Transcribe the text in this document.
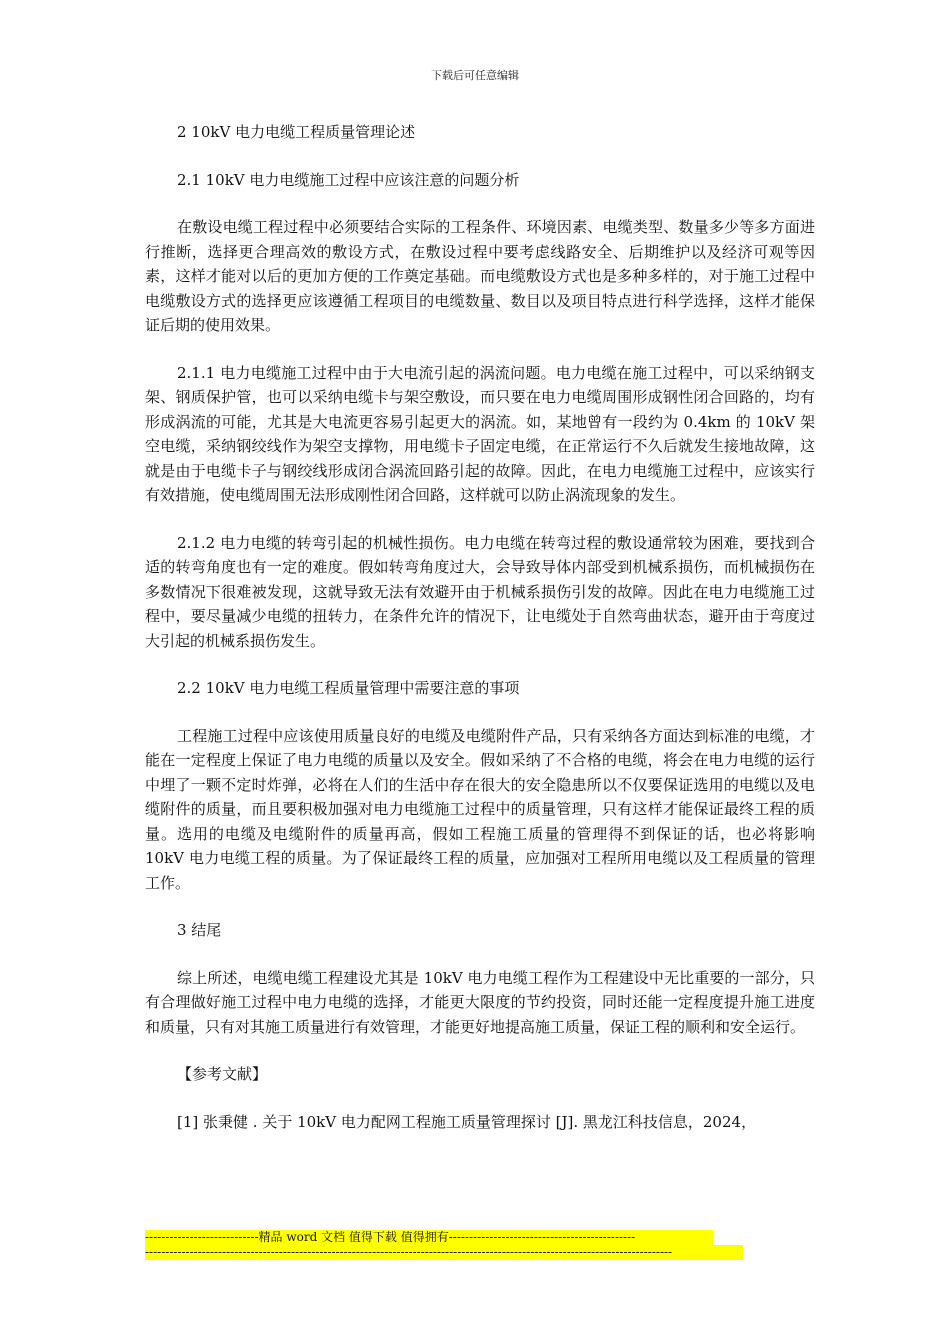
下载后可任意编辑

2 10kV 电力电缆工程质量管理论述

2.1 10kV 电力电缆施工过程中应该注意的问题分析

在敷设电缆工程过程中必须要结合实际的工程条件、环境因素、电缆类型、数量多少等多方面进行推断，选择更合理高效的敷设方式，在敷设过程中要考虑线路安全、后期维护以及经济可观等因素，这样才能对以后的更加方便的工作奠定基础。而电缆敷设方式也是多种多样的，对于施工过程中电缆敷设方式的选择更应该遵循工程项目的电缆数量、数目以及项目特点进行科学选择，这样才能保证后期的使用效果。

2.1.1 电力电缆施工过程中由于大电流引起的涡流问题。电力电缆在施工过程中，可以采纳钢支架、钢质保护管，也可以采纳电缆卡与架空敷设，而只要在电力电缆周围形成钢性闭合回路的，均有形成涡流的可能，尤其是大电流更容易引起更大的涡流。如，某地曾有一段约为 0.4km 的 10kV 架空电缆，采纳钢绞线作为架空支撑物，用电缆卡子固定电缆，在正常运行不久后就发生接地故障，这就是由于电缆卡子与钢绞线形成闭合涡流回路引起的故障。因此，在电力电缆施工过程中，应该实行有效措施，使电缆周围无法形成刚性闭合回路，这样就可以防止涡流现象的发生。

2.1.2 电力电缆的转弯引起的机械性损伤。电力电缆在转弯过程的敷设通常较为困难，要找到合适的转弯角度也有一定的难度。假如转弯角度过大，会导致导体内部受到机械系损伤，而机械损伤在多数情况下很难被发现，这就导致无法有效避开由于机械系损伤引发的故障。因此在电力电缆施工过程中，要尽量减少电缆的扭转力，在条件允许的情况下，让电缆处于自然弯曲状态，避开由于弯度过大引起的机械系损伤发生。

2.2 10kV 电力电缆工程质量管理中需要注意的事项

工程施工过程中应该使用质量良好的电缆及电缆附件产品，只有采纳各方面达到标准的电缆，才能在一定程度上保证了电力电缆的质量以及安全。假如采纳了不合格的电缆，将会在电力电缆的运行中埋了一颗不定时炸弹，必将在人们的生活中存在很大的安全隐患所以不仅要保证选用的电缆以及电缆附件的质量，而且要积极加强对电力电缆施工过程中的质量管理，只有这样才能保证最终工程的质量。选用的电缆及电缆附件的质量再高，假如工程施工质量的管理得不到保证的话，也必将影响 10kV 电力电缆工程的质量。为了保证最终工程的质量，应加强对工程所用电缆以及工程质量的管理工作。

3 结尾

综上所述，电缆电缆工程建设尤其是 10kV 电力电缆工程作为工程建设中无比重要的一部分，只有合理做好施工过程中电力电缆的选择，才能更大限度的节约投资，同时还能一定程度提升施工进度和质量，只有对其施工质量进行有效管理，才能更好地提高施工质量，保证工程的顺利和安全运行。

【参考文献】

[1] 张秉健 . 关于 10kV 电力配网工程施工质量管理探讨 [J]. 黑龙江科技信息，2024，

----------------------------精品 word 文档 值得下载 值得拥有----------------------------------------------
----------------------------------------------------------------------------------------------------------------------------------
